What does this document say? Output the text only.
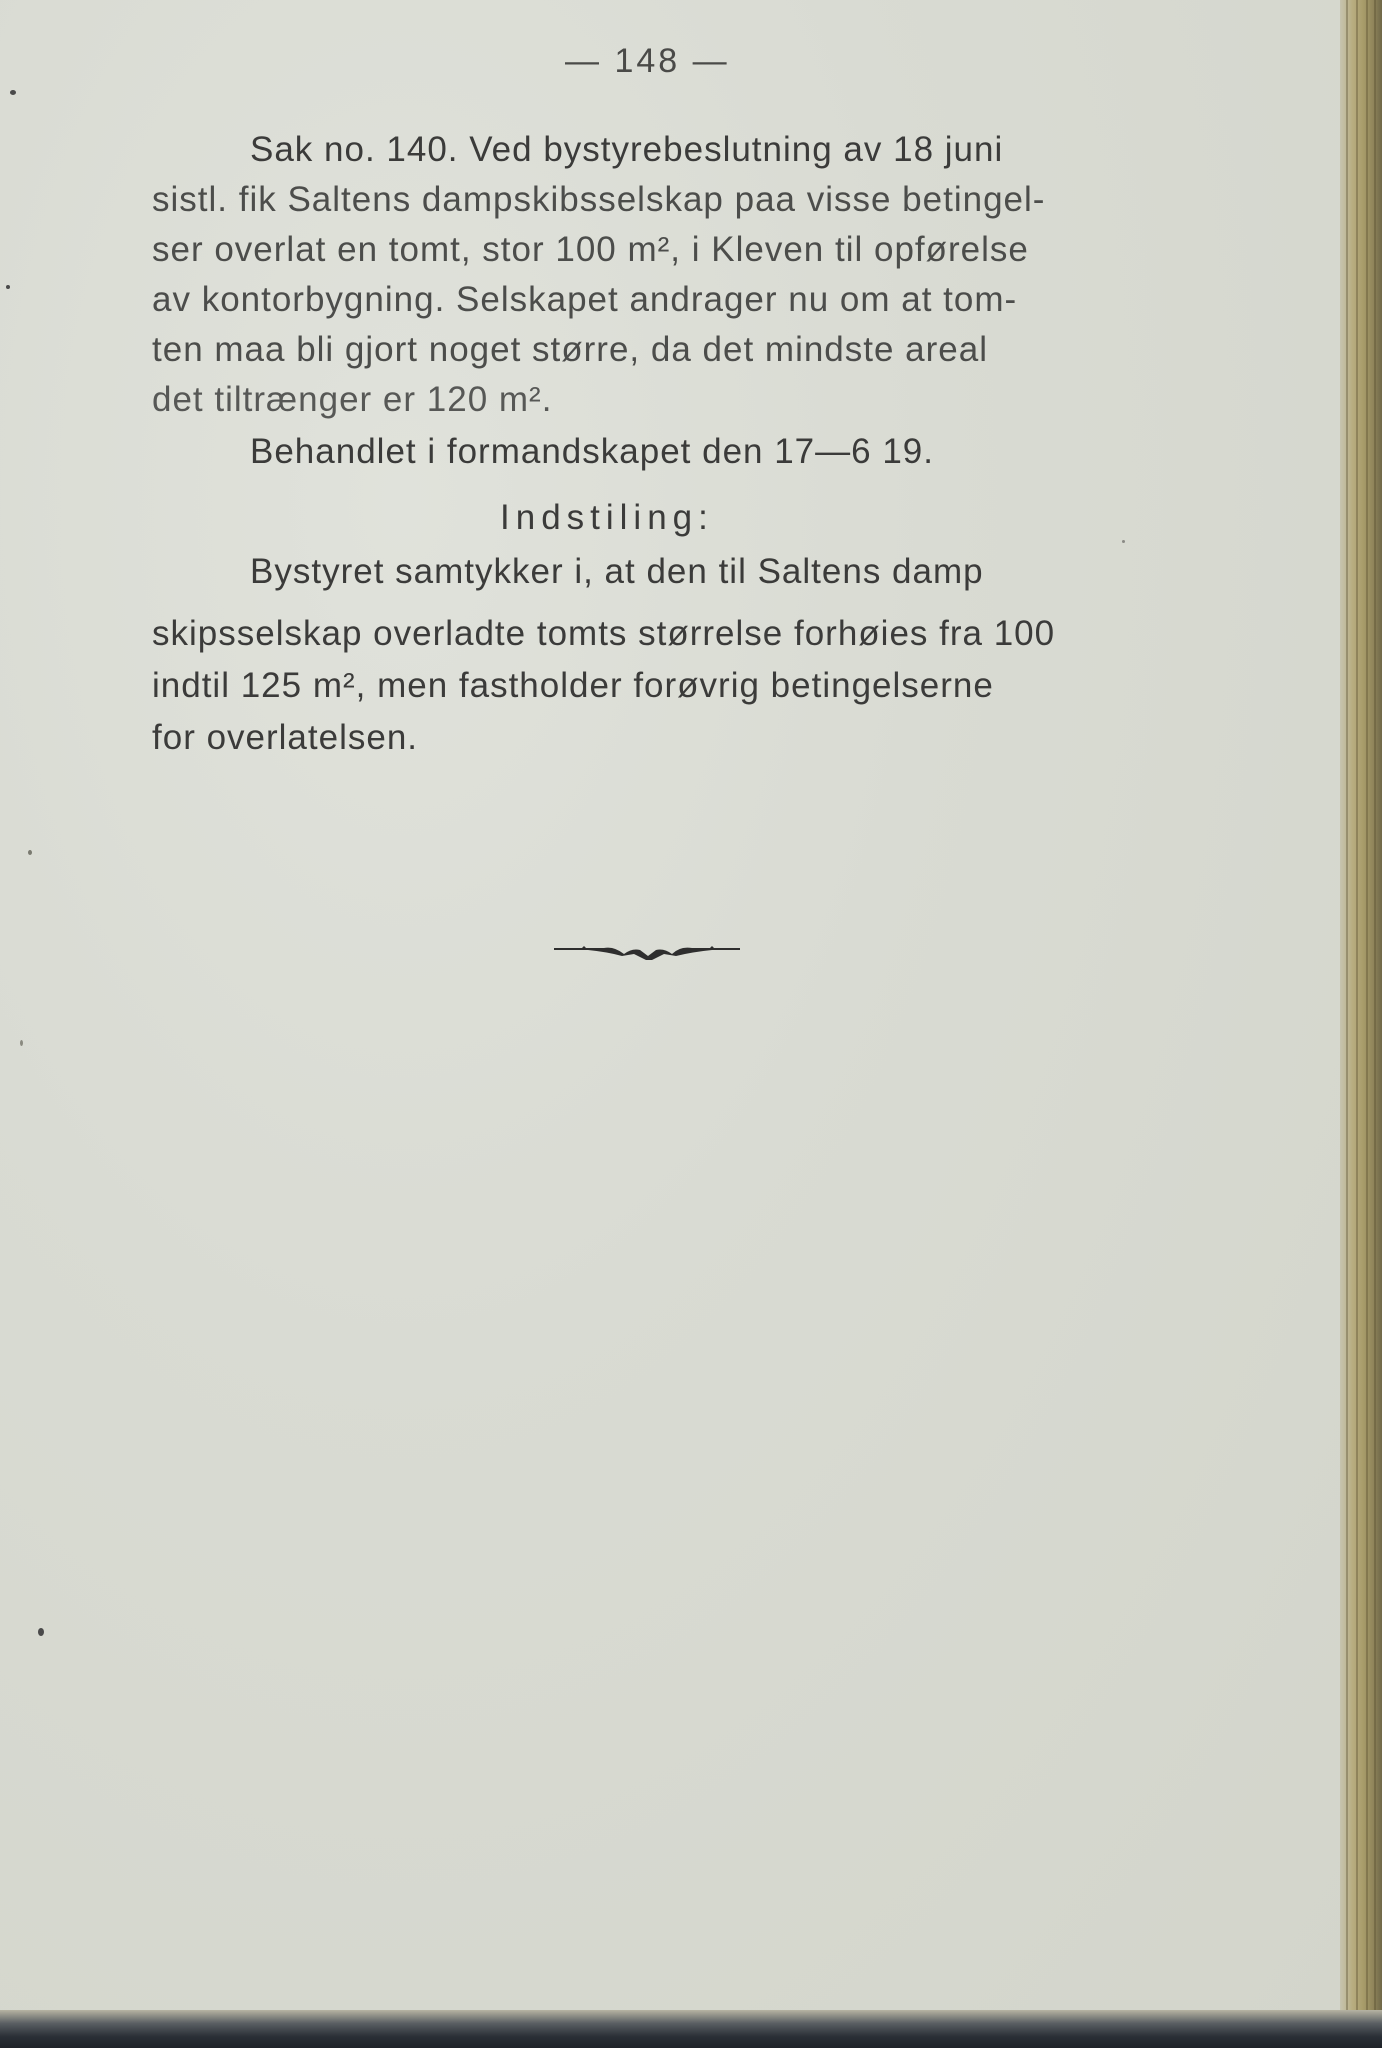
— 148 —
Sak no. 140. Ved bystyrebeslutning av 18 juni
sistl. fik Saltens dampskibsselskap paa visse betingel-
ser overlat en tomt, stor 100 m², i Kleven til opførelse
av kontorbygning. Selskapet andrager nu om at tom-
ten maa bli gjort noget større, da det mindste areal
det tiltrænger er 120 m².
Behandlet i formandskapet den 17—6 19.
Indstiling:
Bystyret samtykker i, at den til Saltens damp
skipsselskap overladte tomts størrelse forhøies fra 100
indtil 125 m², men fastholder forøvrig betingelserne
for overlatelsen.
